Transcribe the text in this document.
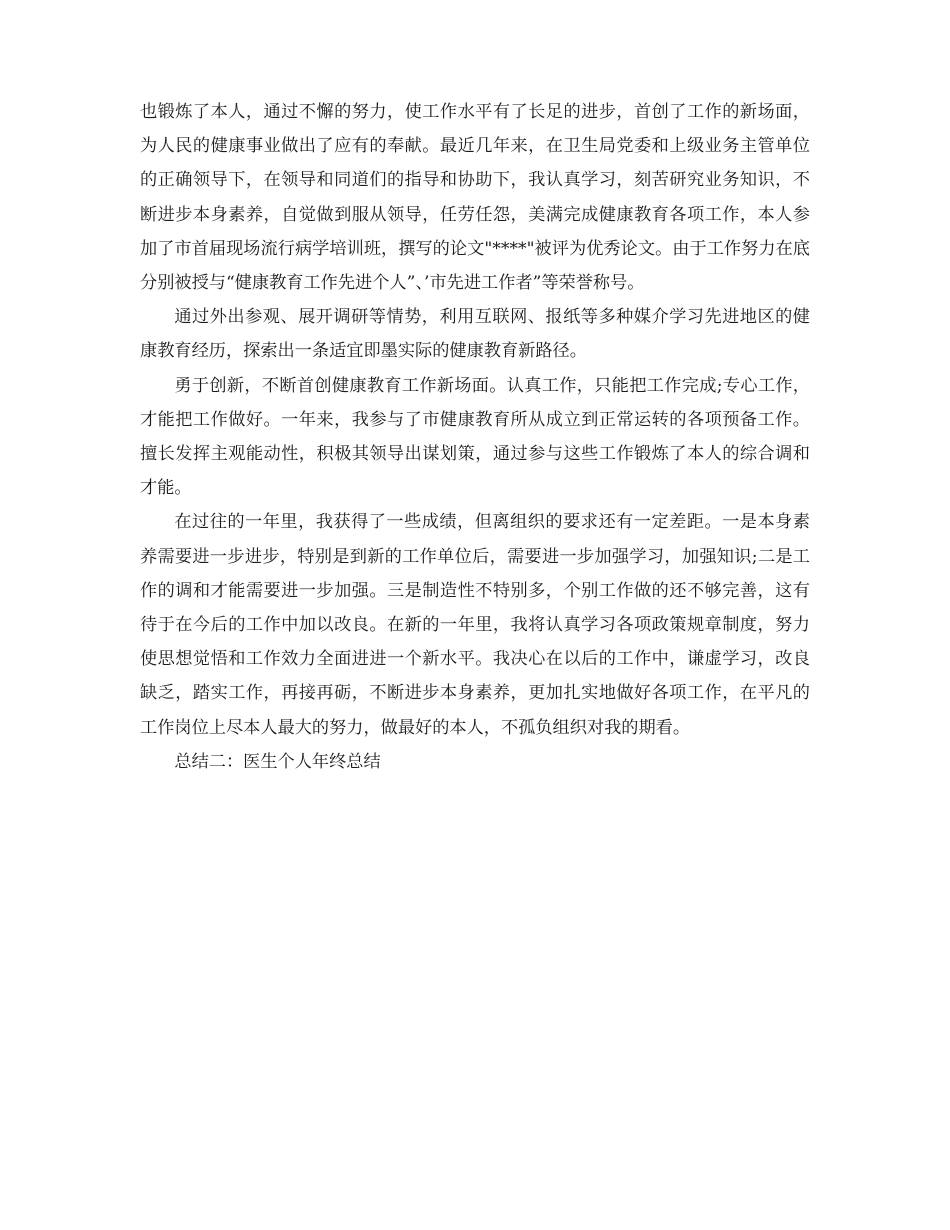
也锻炼了本人，通过不懈的努力，使工作水平有了长足的进步，首创了工作的新场面，为人民的健康事业做出了应有的奉献。最近几年来，在卫生局党委和上级业务主管单位的正确领导下，在领导和同道们的指导和协助下，我认真学习，刻苦研究业务知识，不断进步本身素养，自觉做到服从领导，任劳任怨，美满完成健康教育各项工作，本人参加了市首届现场流行病学培训班，撰写的论文"****"被评为优秀论文。由于工作努力在底分别被授与“健康教育工作先进个人”、’市先进工作者”等荣誉称号。

通过外出参观、展开调研等情势，利用互联网、报纸等多种媒介学习先进地区的健康教育经历，探索出一条适宜即墨实际的健康教育新路径。

勇于创新，不断首创健康教育工作新场面。认真工作，只能把工作完成;专心工作，才能把工作做好。一年来，我参与了市健康教育所从成立到正常运转的各项预备工作。擅长发挥主观能动性，积极其领导出谋划策，通过参与这些工作锻炼了本人的综合调和才能。

在过往的一年里，我获得了一些成绩，但离组织的要求还有一定差距。一是本身素养需要进一步进步，特别是到新的工作单位后，需要进一步加强学习，加强知识;二是工作的调和才能需要进一步加强。三是制造性不特别多，个别工作做的还不够完善，这有待于在今后的工作中加以改良。在新的一年里，我将认真学习各项政策规章制度，努力使思想觉悟和工作效力全面进进一个新水平。我决心在以后的工作中，谦虚学习，改良缺乏，踏实工作，再接再砺，不断进步本身素养，更加扎实地做好各项工作，在平凡的工作岗位上尽本人最大的努力，做最好的本人，不孤负组织对我的期看。

总结二：医生个人年终总结
